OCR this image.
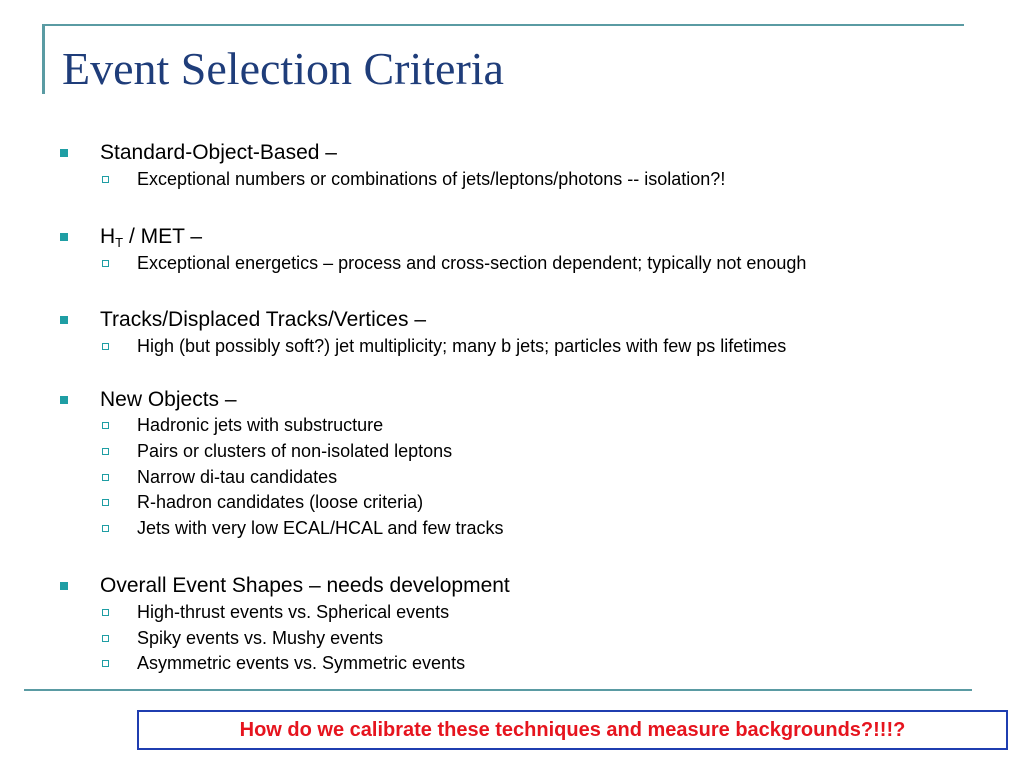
Event Selection Criteria
Standard-Object-Based –
Exceptional numbers or combinations of jets/leptons/photons -- isolation?!
$H_T$ / MET –
Exceptional energetics – process and cross-section dependent; typically not enough
Tracks/Displaced Tracks/Vertices –
High (but possibly soft?) jet multiplicity; many b jets; particles with few ps lifetimes
New Objects –
Hadronic jets with substructure
Pairs or clusters of non-isolated leptons
Narrow di-tau candidates
R-hadron candidates (loose criteria)
Jets with very low ECAL/HCAL and few tracks
Overall Event Shapes – needs development
High-thrust events vs. Spherical events
Spiky events vs. Mushy events
Asymmetric events vs. Symmetric events
How do we calibrate these techniques and measure backgrounds?!!!?
